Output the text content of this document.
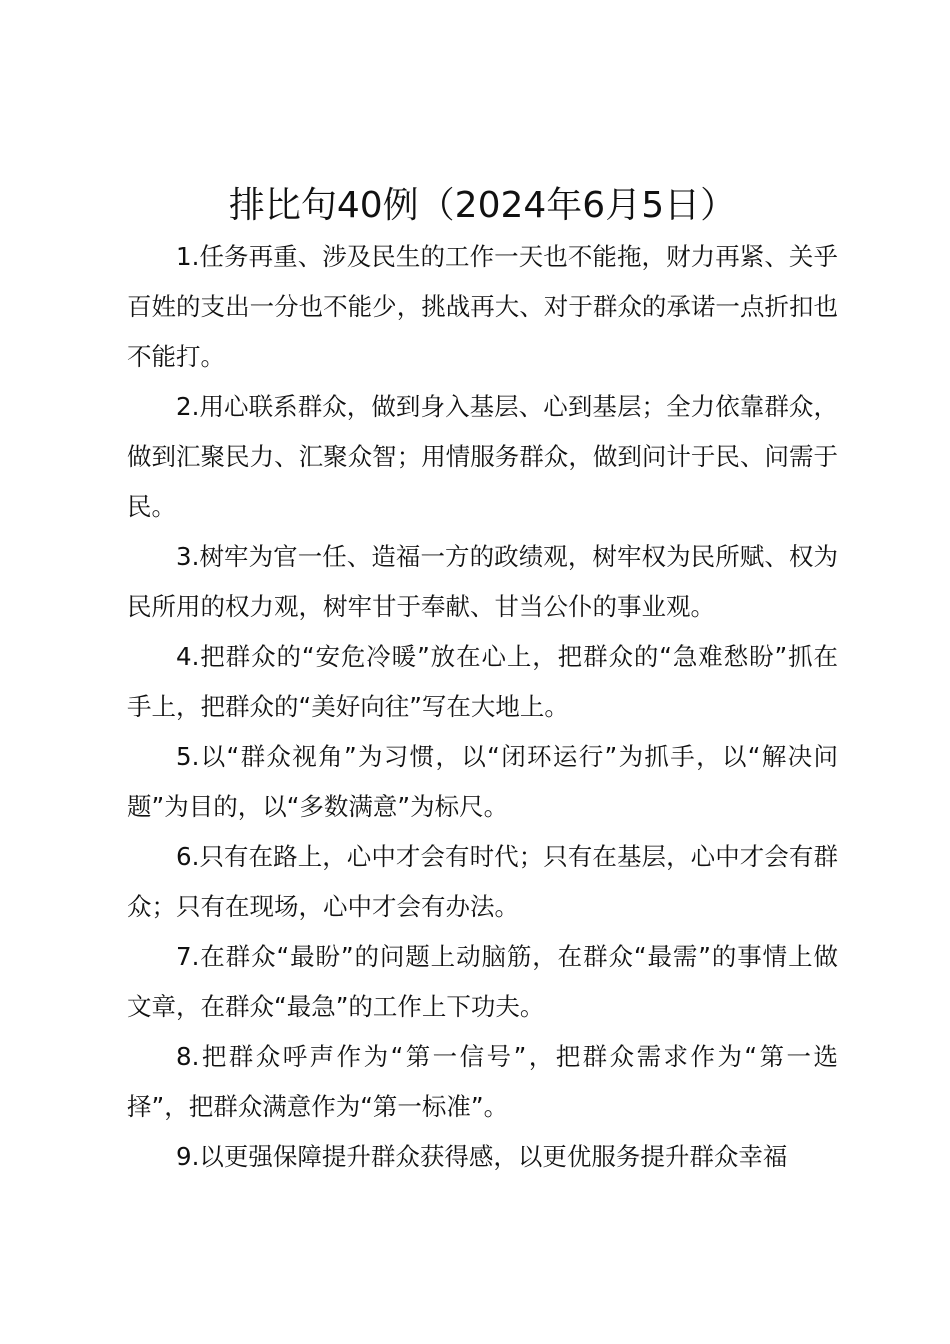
排比句40例（2024年6月5日）

1.任务再重、涉及民生的工作一天也不能拖，财力再紧、关乎百姓的支出一分也不能少，挑战再大、对于群众的承诺一点折扣也不能打。

2.用心联系群众，做到身入基层、心到基层；全力依靠群众，做到汇聚民力、汇聚众智；用情服务群众，做到问计于民、问需于民。

3.树牢为官一任、造福一方的政绩观，树牢权为民所赋、权为民所用的权力观，树牢甘于奉献、甘当公仆的事业观。

4.把群众的“安危冷暖”放在心上，把群众的“急难愁盼”抓在手上，把群众的“美好向往”写在大地上。

5.以“群众视角”为习惯，以“闭环运行”为抓手，以“解决问题”为目的，以“多数满意”为标尺。

6.只有在路上，心中才会有时代；只有在基层，心中才会有群众；只有在现场，心中才会有办法。

7.在群众“最盼”的问题上动脑筋，在群众“最需”的事情上做文章，在群众“最急”的工作上下功夫。

8.把群众呼声作为“第一信号”，把群众需求作为“第一选择”，把群众满意作为“第一标准”。

9.以更强保障提升群众获得感，以更优服务提升群众幸福
